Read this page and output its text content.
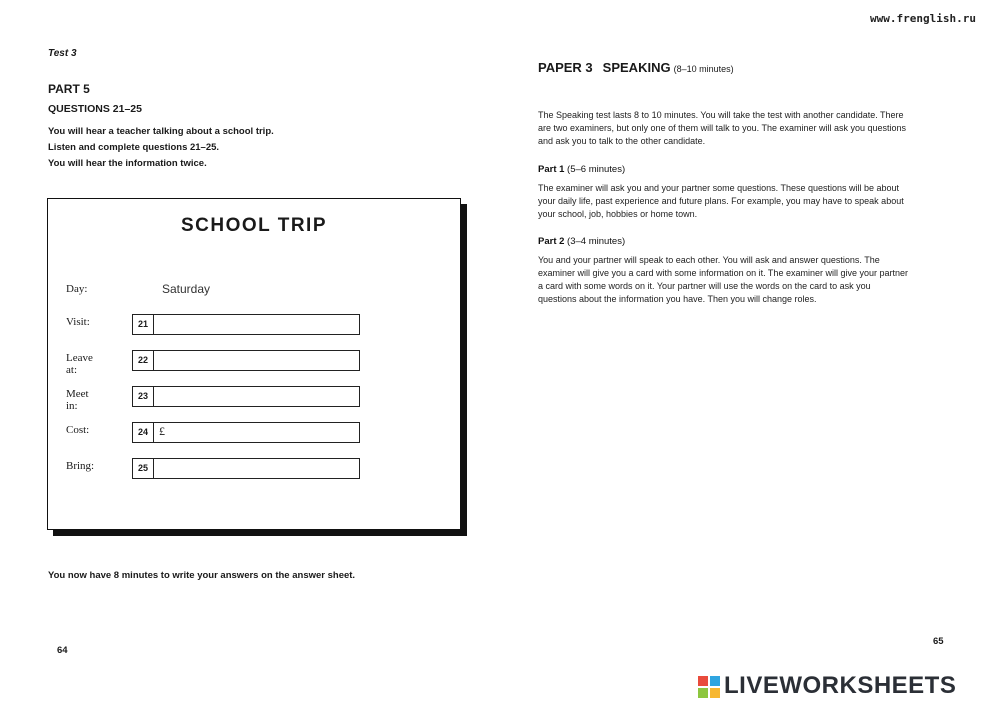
www.frenglish.ru
Test 3
PART 5
QUESTIONS 21–25
You will hear a teacher talking about a school trip.
Listen and complete questions 21–25.
You will hear the information twice.
SCHOOL TRIP
Day:	Saturday
Visit:	21
Leave at:
22
Meet in:
23
Cost:	24 £
Bring:	25
You now have 8 minutes to write your answers on the answer sheet.
64
PAPER 3 SPEAKING (8–10 minutes)
The Speaking test lasts 8 to 10 minutes. You will take the test with another candidate. There are two examiners, but only one of them will talk to you. The examiner will ask you questions and ask you to talk to the other candidate.
Part 1 (5–6 minutes)
The examiner will ask you and your partner some questions. These questions will be about your daily life, past experience and future plans. For example, you may have to speak about your school, job, hobbies or home town.
Part 2 (3–4 minutes)
You and your partner will speak to each other. You will ask and answer questions. The examiner will give you a card with some information on it. The examiner will give your partner a card with some words on it. Your partner will use the words on the card to ask you questions about the information you have. Then you will change roles.
65
LIVEWORKSHEETS
